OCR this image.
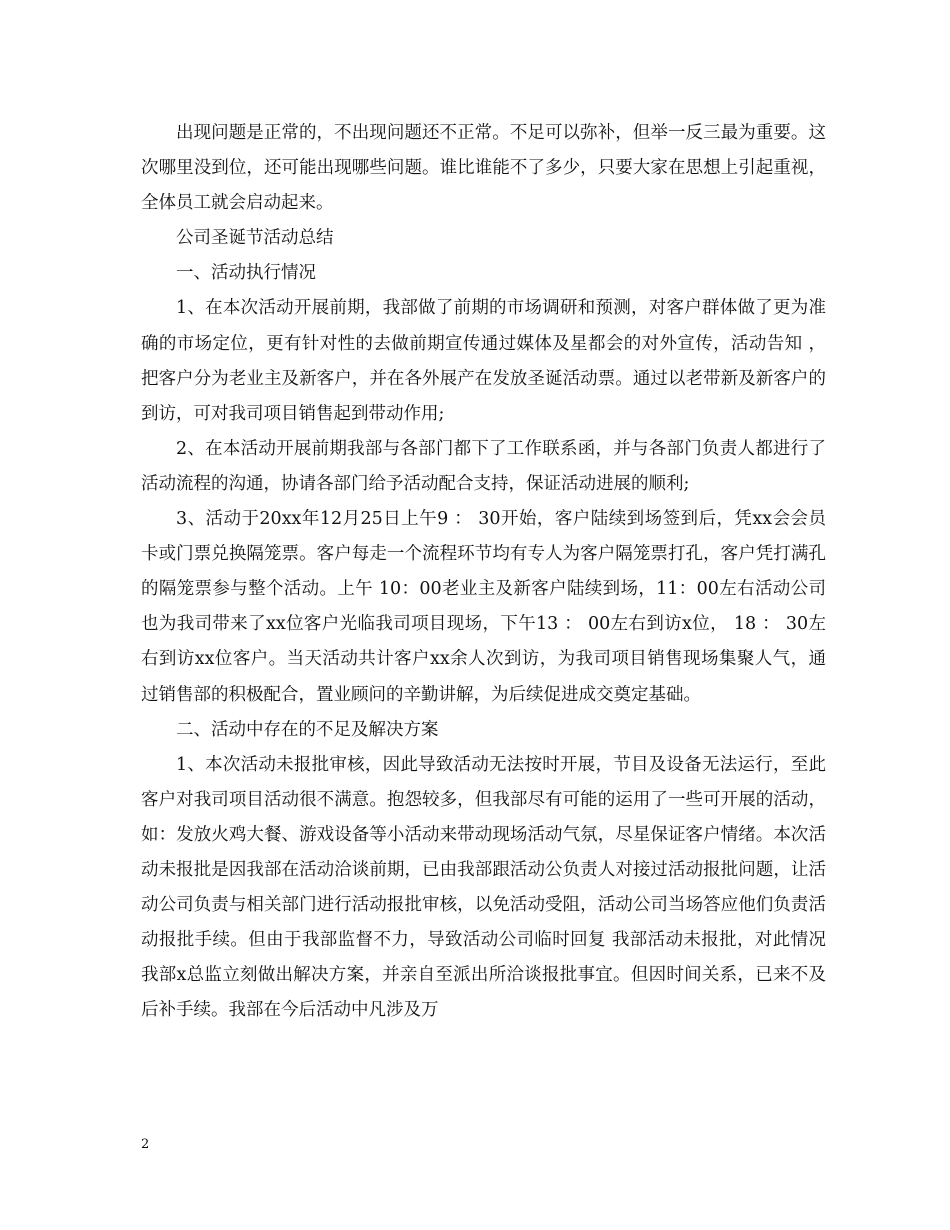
出现问题是正常的，不出现问题还不正常。不足可以弥补，但举一反三最为重要。这次哪里没到位，还可能出现哪些问题。谁比谁能不了多少，只要大家在思想上引起重视，全体员工就会启动起来。

公司圣诞节活动总结

一、活动执行情况

1、在本次活动开展前期，我部做了前期的市场调研和预测，对客户群体做了更为准确的市场定位，更有针对性的去做前期宣传通过媒体及星都会的对外宣传，活动告知 ，把客户分为老业主及新客户，并在各外展产在发放圣诞活动票。通过以老带新及新客户的到访，可对我司项目销售起到带动作用;

2、在本活动开展前期我部与各部门都下了工作联系函，并与各部门负责人都进行了活动流程的沟通，协请各部门给予活动配合支持，保证活动进展的顺利;

3、活动于20xx年12月25日上午9 ： 30开始，客户陆续到场签到后，凭xx会会员卡或门票兑换隔笼票。客户每走一个流程环节均有专人为客户隔笼票打孔，客户凭打满孔的隔笼票参与整个活动。上午 10：00老业主及新客户陆续到场，11：00左右活动公司也为我司带来了xx位客户光临我司项目现场，下午13 ： 00左右到访x位， 18 ： 30左右到访xx位客户。当天活动共计客户xx余人次到访，为我司项目销售现场集聚人气，通过销售部的积极配合，置业顾问的辛勤讲解，为后续促进成交奠定基础。

二、活动中存在的不足及解决方案

1、本次活动未报批审核，因此导致活动无法按时开展，节目及设备无法运行，至此客户对我司项目活动很不满意。抱怨较多，但我部尽有可能的运用了一些可开展的活动，如：发放火鸡大餐、游戏设备等小活动来带动现场活动气氛，尽星保证客户情绪。本次活动未报批是因我部在活动洽谈前期，已由我部跟活动公负责人对接过活动报批问题，让活动公司负责与相关部门进行活动报批审核，以免活动受阻，活动公司当场答应他们负责活动报批手续。但由于我部监督不力，导致活动公司临时回复 我部活动未报批，对此情况我部x总监立刻做出解决方案，并亲自至派出所洽谈报批事宜。但因时间关系，已来不及后补手续。我部在今后活动中凡涉及万

2
